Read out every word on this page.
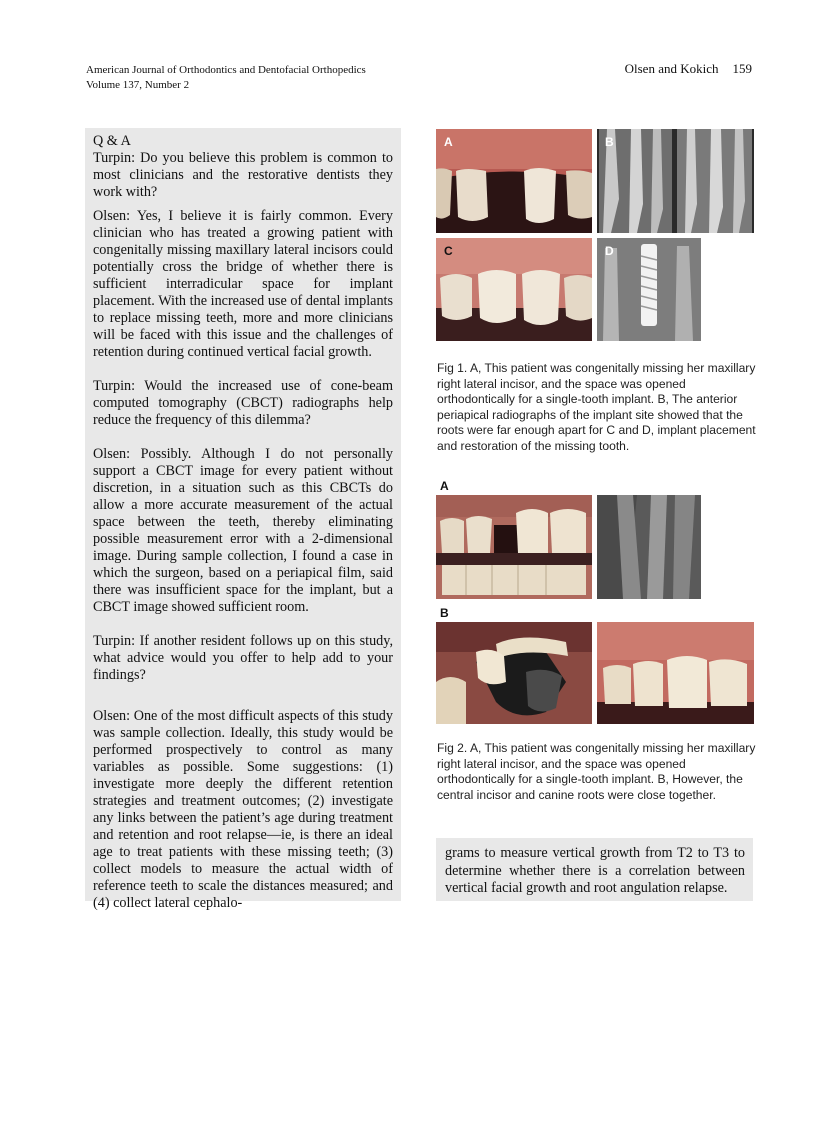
American Journal of Orthodontics and Dentofacial Orthopedics
Volume 137, Number 2
Olsen and Kokich 159

Q & A

Turpin: Do you believe this problem is common to most clinicians and the restorative dentists they work with?

Olsen: Yes, I believe it is fairly common. Every clinician who has treated a growing patient with congenitally missing maxillary lateral incisors could potentially cross the bridge of whether there is sufficient interradicular space for implant placement. With the increased use of dental implants to replace missing teeth, more and more clinicians will be faced with this issue and the challenges of retention during continued vertical facial growth.

Turpin: Would the increased use of cone-beam computed tomography (CBCT) radiographs help reduce the frequency of this dilemma?

Olsen: Possibly. Although I do not personally support a CBCT image for every patient without discretion, in a situation such as this CBCTs do allow a more accurate measurement of the actual space between the teeth, thereby eliminating possible measurement error with a 2-dimensional image. During sample collection, I found a case in which the surgeon, based on a periapical film, said there was insufficient space for the implant, but a CBCT image showed sufficient room.

Turpin: If another resident follows up on this study, what advice would you offer to help add to your findings?

Olsen: One of the most difficult aspects of this study was sample collection. Ideally, this study would be performed prospectively to control as many variables as possible. Some suggestions: (1) investigate more deeply the different retention strategies and treatment outcomes; (2) investigate any links between the patient’s age during treatment and retention and root relapse—ie, is there an ideal age to treat patients with these missing teeth; (3) collect models to measure the actual width of reference teeth to scale the distances measured; and (4) collect lateral cephalo-

A	B
C	D
Fig 1. A, This patient was congenitally missing her maxillary right lateral incisor, and the space was opened orthodontically for a single-tooth implant. B, The anterior periapical radiographs of the implant site showed that the roots were far enough apart for C and D, implant placement and restoration of the missing tooth.
A
B
Fig 2. A, This patient was congenitally missing her maxillary right lateral incisor, and the space was opened orthodontically for a single-tooth implant. B, However, the central incisor and canine roots were close together.
grams to measure vertical growth from T2 to T3 to determine whether there is a correlation between vertical facial growth and root angulation relapse.
